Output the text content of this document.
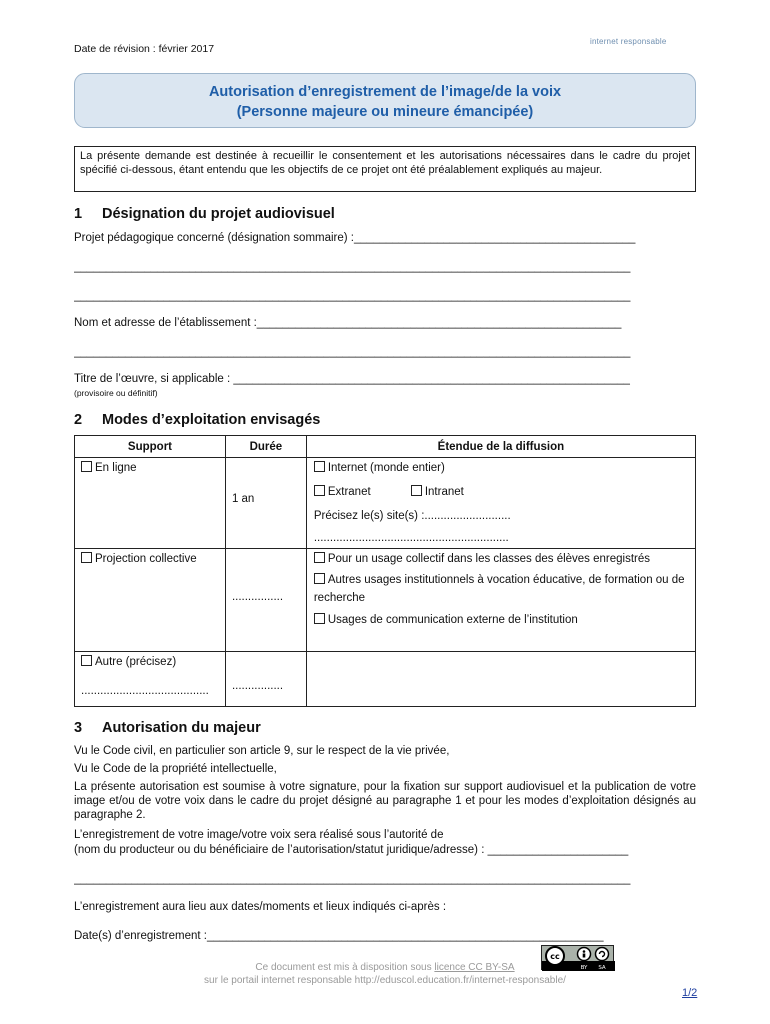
Date de révision : février 2017
internet responsable
Autorisation d’enregistrement de l’image/de la voix
(Personne majeure ou mineure émancipée)
La présente demande est destinée à recueillir le consentement et les autorisations nécessaires dans le cadre du projet spécifié ci-dessous, étant entendu que les objectifs de ce projet ont été préalablement expliqués au majeur.
1 Désignation du projet audiovisuel
Projet pédagogique concerné (désignation sommaire) :____________________________________________
_______________________________________________________________________________________
_______________________________________________________________________________________
Nom et adresse de l’établissement :_________________________________________________________
_______________________________________________________________________________________
Titre de l’œuvre, si applicable : ______________________________________________________________
(provisoire ou définitif)
2 Modes d’exploitation envisagés
Support	Durée	Étendue de la diffusion

En ligne	1 an	Internet (monde entier)
Extranet Intranet
Précisez le(s) site(s) :...........................
.............................................................

Projection collective	................	Pour un usage collectif dans les classes des élèves enregistrés
Autres usages institutionnels à vocation éducative, de formation ou de recherche
Usages de communication externe de l’institution

Autre (précisez)
........................................	................	

3 Autorisation du majeur
Vu le Code civil, en particulier son article 9, sur le respect de la vie privée,
Vu le Code de la propriété intellectuelle,
La présente autorisation est soumise à votre signature, pour la fixation sur support audiovisuel et la publication de votre image et/ou de votre voix dans le cadre du projet désigné au paragraphe 1 et pour les modes d’exploitation désignés au paragraphe 2.
L’enregistrement de votre image/votre voix sera réalisé sous l’autorité de
(nom du producteur ou du bénéficiaire de l’autorisation/statut juridique/adresse) : ______________________
_______________________________________________________________________________________
L’enregistrement aura lieu aux dates/moments et lieux indiqués ci-après :
Date(s) d’enregistrement :______________________________________________________________
cc
BY SA
Ce document est mis à disposition sous licence CC BY-SA
sur le portail internet responsable http://eduscol.education.fr/internet-responsable/
1/2
